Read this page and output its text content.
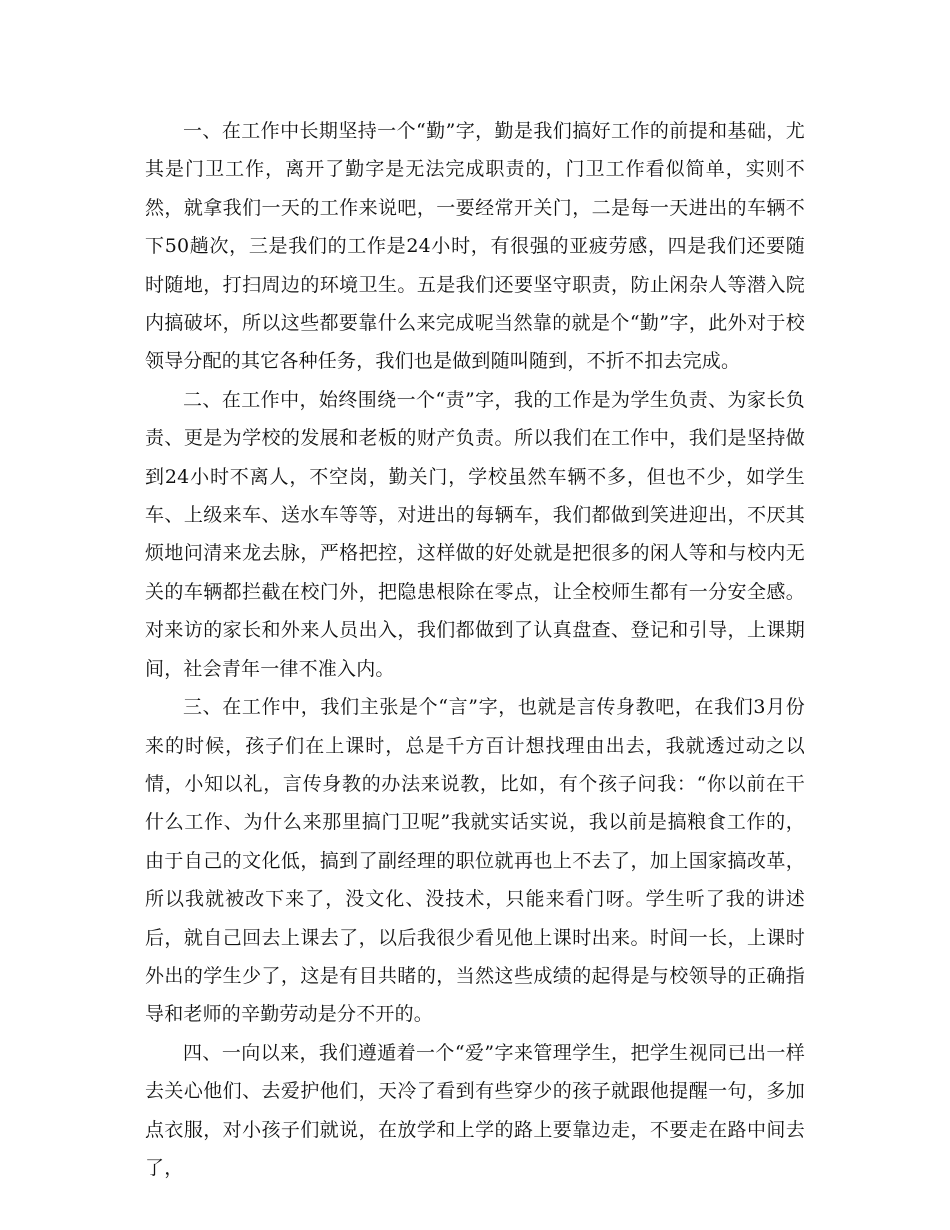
一、在工作中长期坚持一个“勤”字，勤是我们搞好工作的前提和基础，尤其是门卫工作，离开了勤字是无法完成职责的，门卫工作看似简单，实则不然，就拿我们一天的工作来说吧，一要经常开关门，二是每一天进出的车辆不下50趟次，三是我们的工作是24小时，有很强的亚疲劳感，四是我们还要随时随地，打扫周边的环境卫生。五是我们还要坚守职责，防止闲杂人等潜入院内搞破坏，所以这些都要靠什么来完成呢当然靠的就是个“勤”字，此外对于校领导分配的其它各种任务，我们也是做到随叫随到，不折不扣去完成。

二、在工作中，始终围绕一个“责”字，我的工作是为学生负责、为家长负责、更是为学校的发展和老板的财产负责。所以我们在工作中，我们是坚持做到24小时不离人，不空岗，勤关门，学校虽然车辆不多，但也不少，如学生车、上级来车、送水车等等，对进出的每辆车，我们都做到笑进迎出，不厌其烦地问清来龙去脉，严格把控，这样做的好处就是把很多的闲人等和与校内无关的车辆都拦截在校门外，把隐患根除在零点，让全校师生都有一分安全感。对来访的家长和外来人员出入，我们都做到了认真盘查、登记和引导，上课期间，社会青年一律不准入内。

三、在工作中，我们主张是个“言”字，也就是言传身教吧，在我们3月份来的时候，孩子们在上课时，总是千方百计想找理由出去，我就透过动之以情，小知以礼，言传身教的办法来说教，比如，有个孩子问我：“你以前在干什么工作、为什么来那里搞门卫呢”我就实话实说，我以前是搞粮食工作的，由于自己的文化低，搞到了副经理的职位就再也上不去了，加上国家搞改革，所以我就被改下来了，没文化、没技术，只能来看门呀。学生听了我的讲述后，就自己回去上课去了，以后我很少看见他上课时出来。时间一长，上课时外出的学生少了，这是有目共睹的，当然这些成绩的起得是与校领导的正确指导和老师的辛勤劳动是分不开的。

四、一向以来，我们遵遁着一个“爱”字来管理学生，把学生视同已出一样去关心他们、去爱护他们，天冷了看到有些穿少的孩子就跟他提醒一句，多加点衣服，对小孩子们就说，在放学和上学的路上要靠边走，不要走在路中间去了，
